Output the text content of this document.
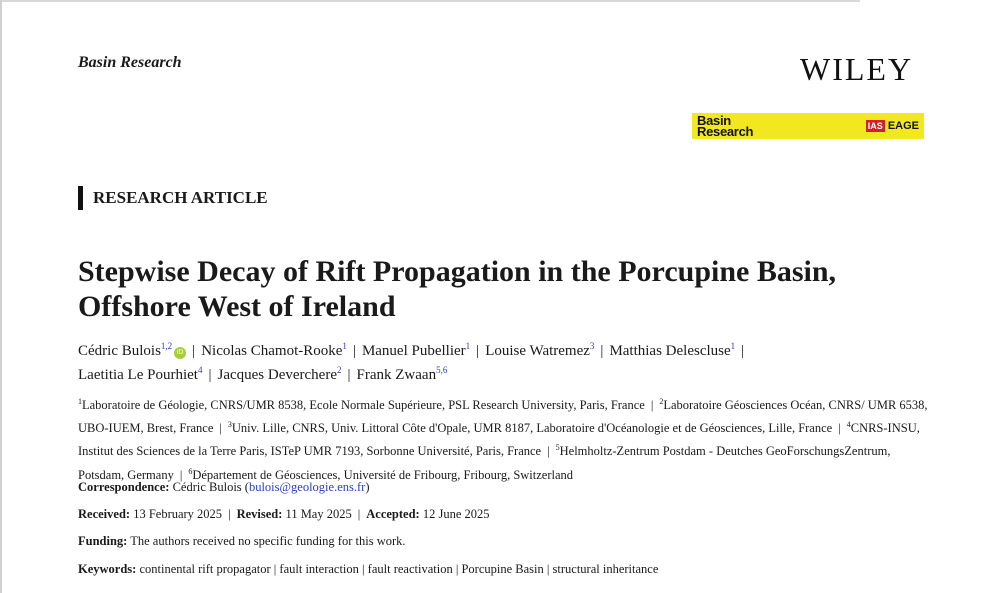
Basin Research	WILEY
Basin
Research	IAS EAGE
RESEARCH ARTICLE
Stepwise Decay of Rift Propagation in the Porcupine Basin,
Offshore West of Ireland
Cédric Bulois$^{1,2}$iD | Nicolas Chamot-Rooke$^1$ | Manuel Pubellier$^1$ | Louise Watremez$^3$ | Matthias Delescluse$^1$ |
Laetitia Le Pourhiet$^4$ | Jacques Deverchere$^2$ | Frank Zwaan$^{5,6}$
$^1$Laboratoire de Géologie, CNRS/UMR 8538, Ecole Normale Supérieure, PSL Research University, Paris, France | $^2$Laboratoire Géosciences Océan, CNRS/ UMR 6538, UBO-IUEM, Brest, France | $^3$Univ. Lille, CNRS, Univ. Littoral Côte d'Opale, UMR 8187, Laboratoire d'Océanologie et de Géosciences, Lille, France | $^4$CNRS-INSU, Institut des Sciences de la Terre Paris, ISTeP UMR 7193, Sorbonne Université, Paris, France | $^5$Helmholtz-Zentrum Postdam - Deutches GeoForschungsZentrum, Potsdam, Germany | $^6$Département de Géosciences, Université de Fribourg, Fribourg, Switzerland
Correspondence: Cédric Bulois (bulois@geologie.ens.fr)
Received: 13 February 2025 | Revised: 11 May 2025 | Accepted: 12 June 2025
Funding: The authors received no specific funding for this work.
Keywords: continental rift propagator | fault interaction | fault reactivation | Porcupine Basin | structural inheritance
